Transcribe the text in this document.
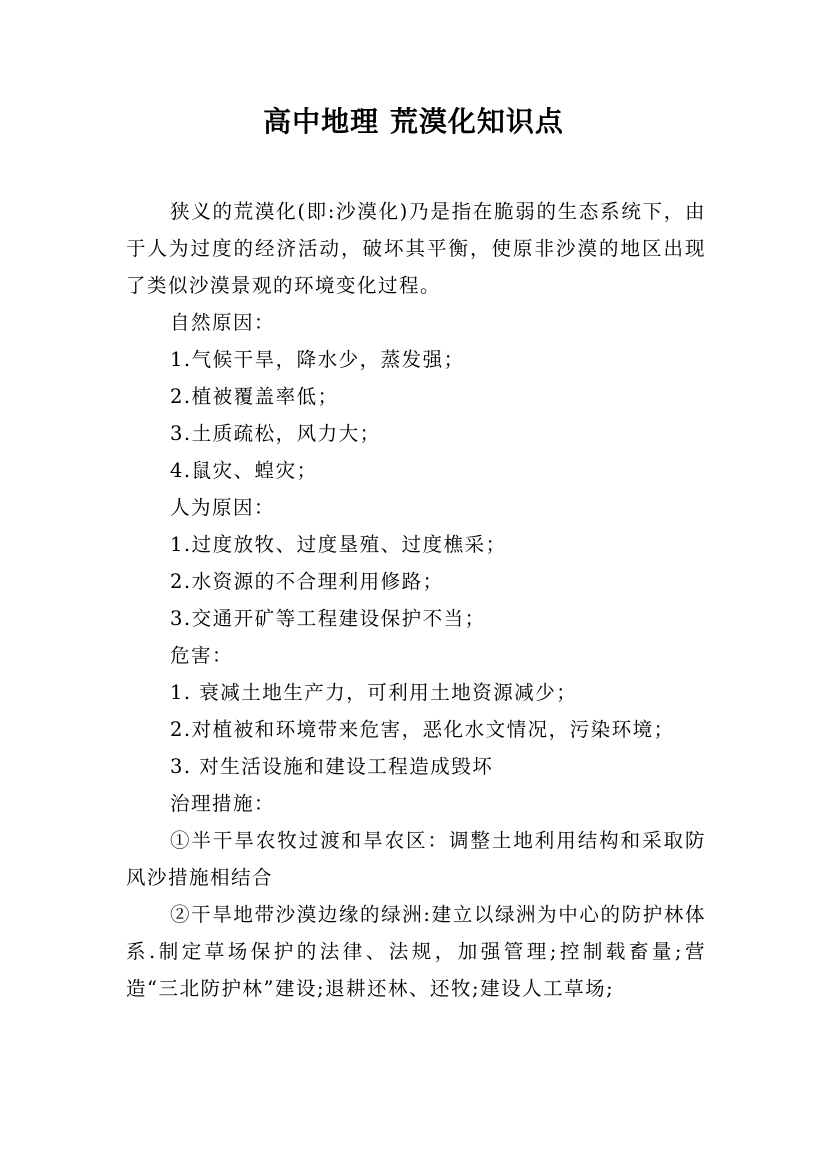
高中地理 荒漠化知识点

狭义的荒漠化(即:沙漠化)乃是指在脆弱的生态系统下，由于人为过度的经济活动，破坏其平衡，使原非沙漠的地区出现了类似沙漠景观的环境变化过程。

自然原因：

1.气候干旱，降水少，蒸发强；

2.植被覆盖率低；

3.土质疏松，风力大；

4.鼠灾、蝗灾；

人为原因：

1.过度放牧、过度垦殖、过度樵采；

2.水资源的不合理利用修路；

3.交通开矿等工程建设保护不当；

危害：

1. 衰减土地生产力，可利用土地资源减少；

2.对植被和环境带来危害，恶化水文情况，污染环境；

3. 对生活设施和建设工程造成毁坏

治理措施：

①半干旱农牧过渡和旱农区：调整土地利用结构和采取防风沙措施相结合

②干旱地带沙漠边缘的绿洲:建立以绿洲为中心的防护林体系.制定草场保护的法律、法规，加强管理;控制载畜量;营造“三北防护林”建设;退耕还林、还牧;建设人工草场;
